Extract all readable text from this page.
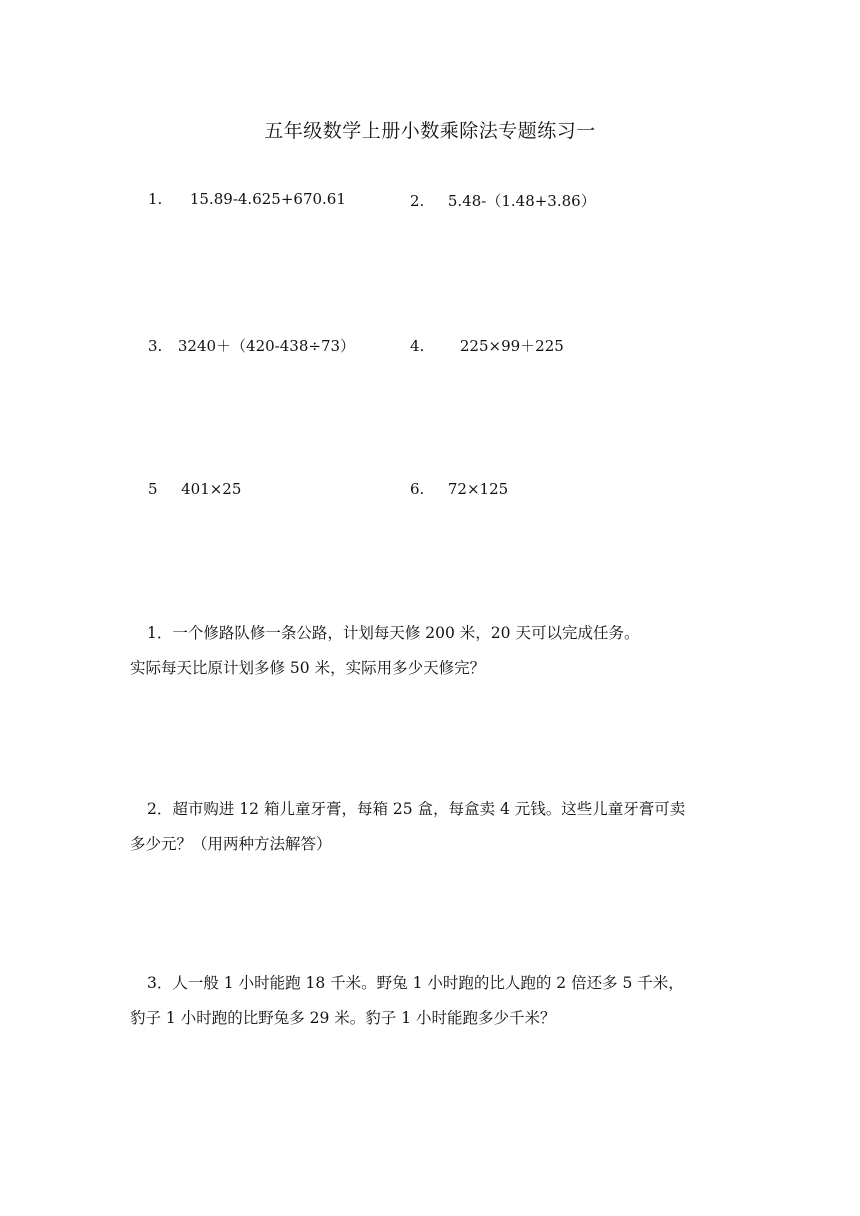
五年级数学上册小数乘除法专题练习一
1. 15.89-4.625+670.61	2. 5.48-（1.48+3.86）
3. 3240＋（420-438÷73）	4. 225×99＋225
5 401×25	6. 72×125
1．一个修路队修一条公路，计划每天修 200 米，20 天可以完成任务。
实际每天比原计划多修 50 米，实际用多少天修完？
2．超市购进 12 箱儿童牙膏，每箱 25 盒，每盒卖 4 元钱。这些儿童牙膏可卖
多少元？（用两种方法解答）
3．人一般 1 小时能跑 18 千米。野兔 1 小时跑的比人跑的 2 倍还多 5 千米，
豹子 1 小时跑的比野兔多 29 米。豹子 1 小时能跑多少千米？
